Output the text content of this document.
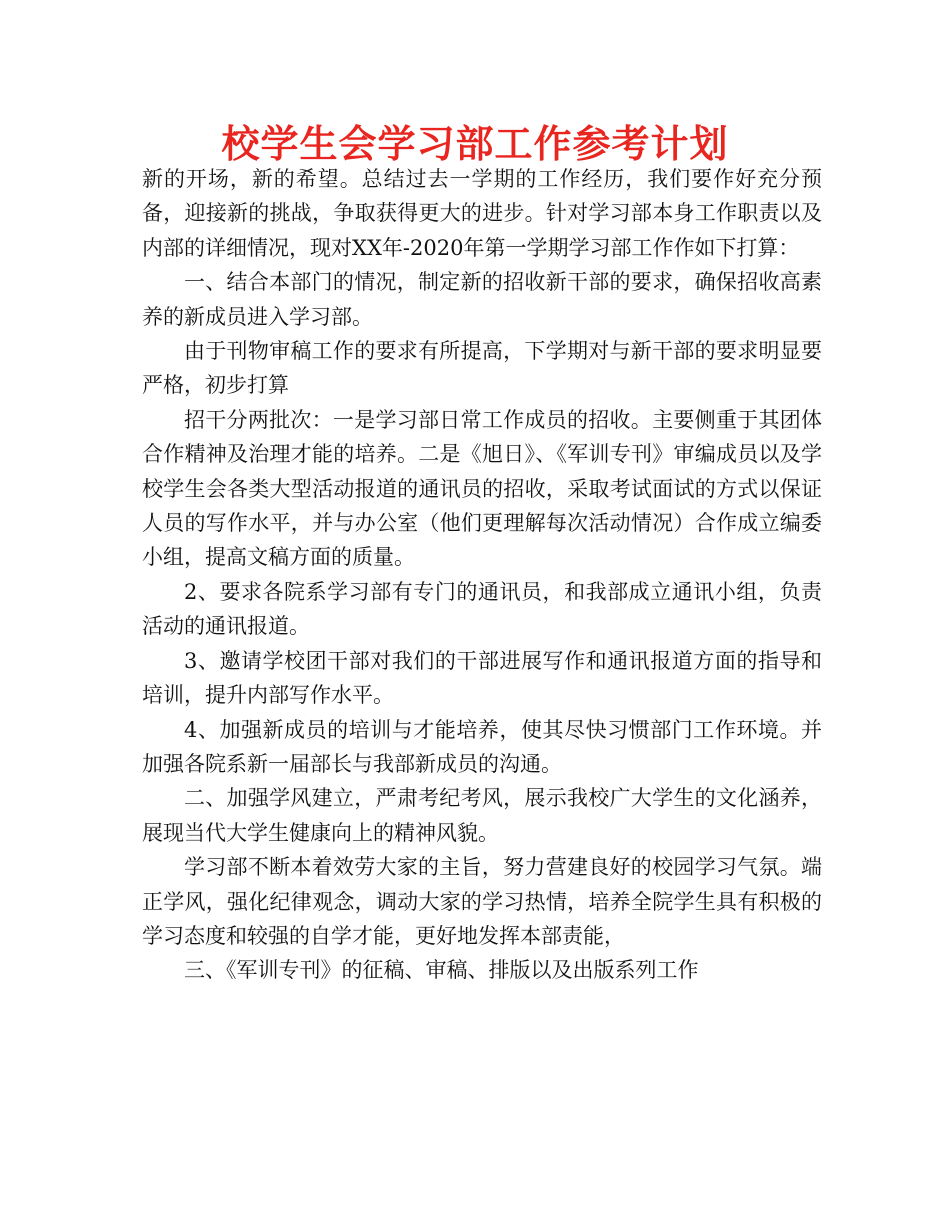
校学生会学习部工作参考计划

新的开场，新的希望。总结过去一学期的工作经历，我们要作好充分预备，迎接新的挑战，争取获得更大的进步。针对学习部本身工作职责以及内部的详细情况，现对XX年-2020年第一学期学习部工作作如下打算：

一、结合本部门的情况，制定新的招收新干部的要求，确保招收高素养的新成员进入学习部。

由于刊物审稿工作的要求有所提高，下学期对与新干部的要求明显要严格，初步打算

招干分两批次：一是学习部日常工作成员的招收。主要侧重于其团体合作精神及治理才能的培养。二是《旭日》、《军训专刊》审编成员以及学校学生会各类大型活动报道的通讯员的招收，采取考试面试的方式以保证人员的写作水平，并与办公室（他们更理解每次活动情况）合作成立编委小组，提高文稿方面的质量。

2、要求各院系学习部有专门的通讯员，和我部成立通讯小组，负责活动的通讯报道。

3、邀请学校团干部对我们的干部进展写作和通讯报道方面的指导和培训，提升内部写作水平。

4、加强新成员的培训与才能培养，使其尽快习惯部门工作环境。并加强各院系新一届部长与我部新成员的沟通。

二、加强学风建立，严肃考纪考风，展示我校广大学生的文化涵养，展现当代大学生健康向上的精神风貌。

学习部不断本着效劳大家的主旨，努力营建良好的校园学习气氛。端正学风，强化纪律观念，调动大家的学习热情，培养全院学生具有积极的学习态度和较强的自学才能，更好地发挥本部责能，

三、《军训专刊》的征稿、审稿、排版以及出版系列工作
